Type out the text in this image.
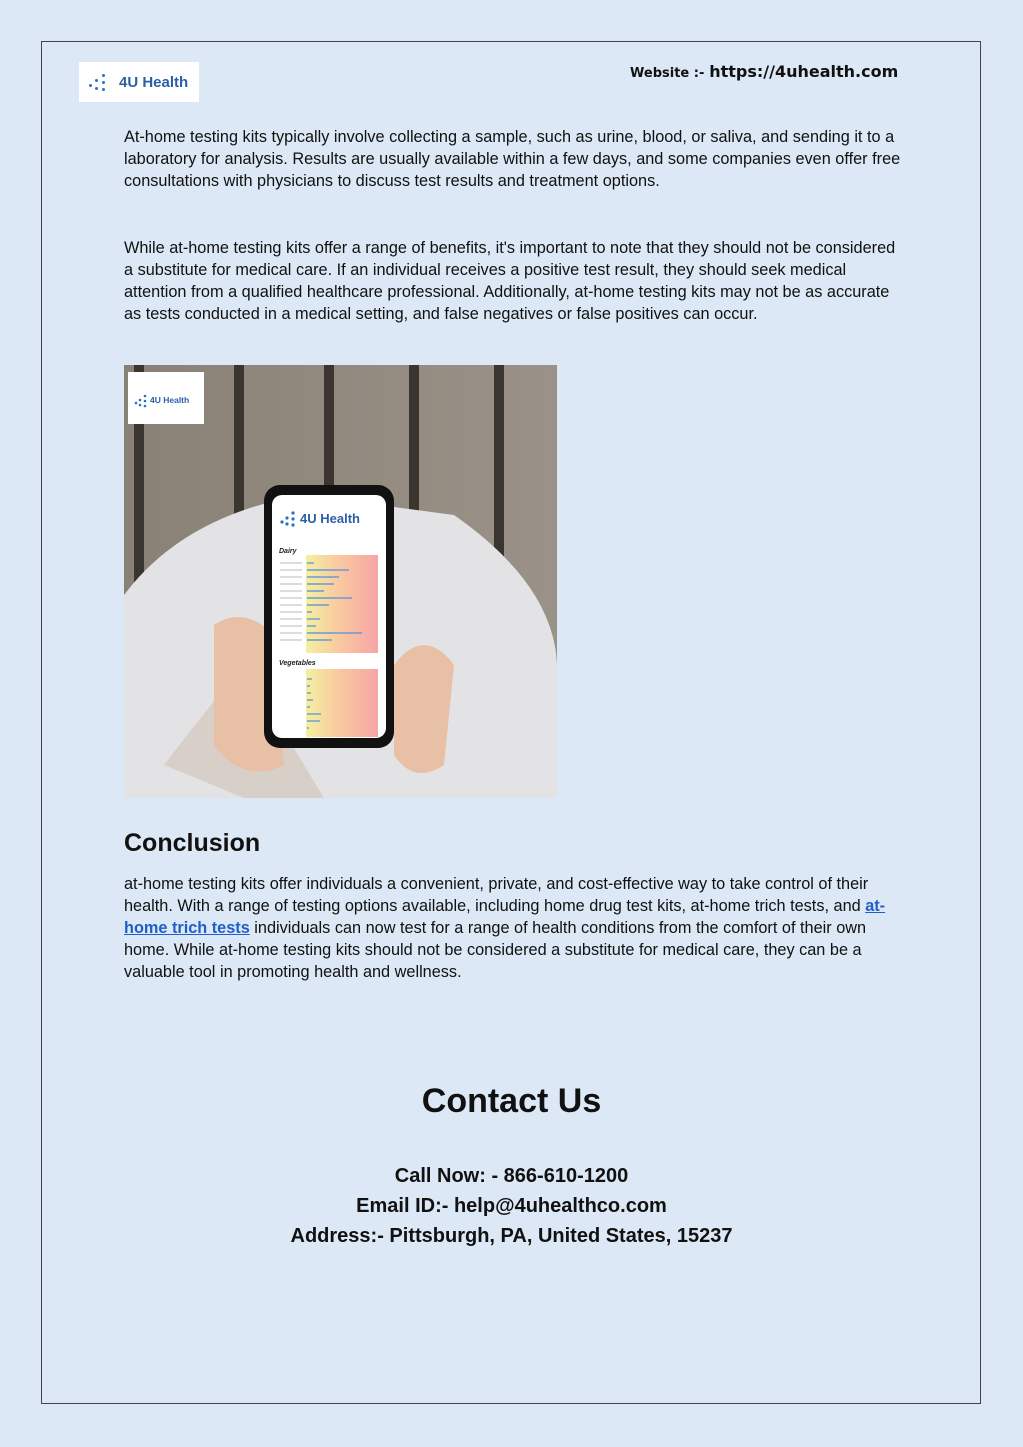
4U Health	Website :- https://4uhealth.com

At-home testing kits typically involve collecting a sample, such as urine, blood, or saliva, and sending it to a laboratory for analysis. Results are usually available within a few days, and some companies even offer free consultations with physicians to discuss test results and treatment options.

While at-home testing kits offer a range of benefits, it's important to note that they should not be considered a substitute for medical care. If an individual receives a positive test result, they should seek medical attention from a qualified healthcare professional. Additionally, at-home testing kits may not be as accurate as tests conducted in a medical setting, and false negatives or false positives can occur.

4U Health
Dairy
Vegetables
4U Health
Conclusion

at-home testing kits offer individuals a convenient, private, and cost-effective way to take control of their health. With a range of testing options available, including home drug test kits, at-home trich tests, and at-home trich tests individuals can now test for a range of health conditions from the comfort of their own home. While at-home testing kits should not be considered a substitute for medical care, they can be a valuable tool in promoting health and wellness.

Contact Us

Call Now: - 866-610-1200

Email ID:- help@4uhealthco.com

Address:- Pittsburgh, PA, United States, 15237
